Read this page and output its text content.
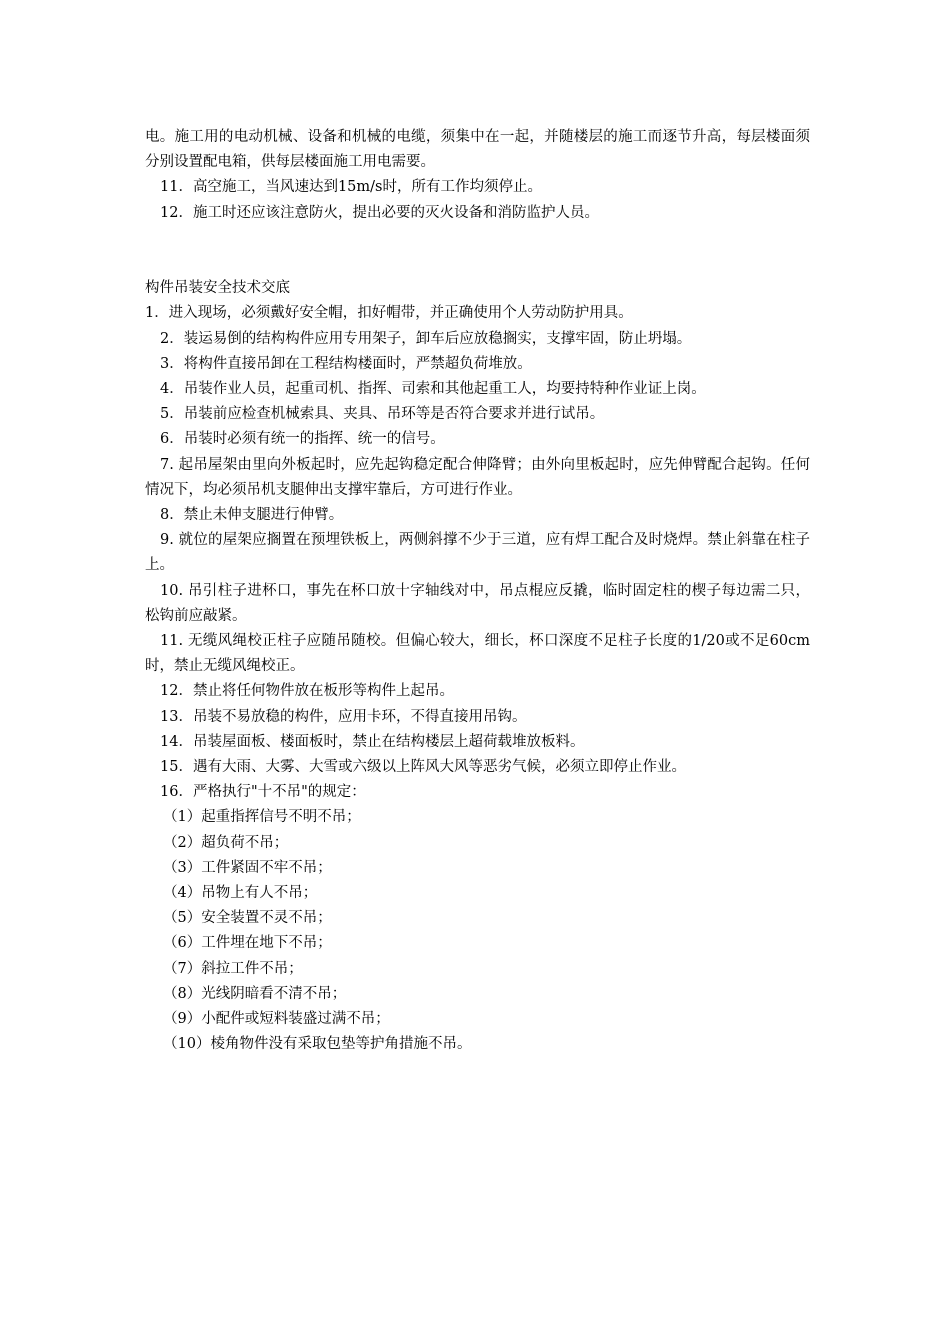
电。施工用的电动机械、设备和机械的电缆，须集中在一起，并随楼层的施工而逐节升高，每层楼面须分别设置配电箱，供每层楼面施工用电需要。

11．高空施工，当风速达到15m/s时，所有工作均须停止。

12．施工时还应该注意防火，提出必要的灭火设备和消防监护人员。

构件吊装安全技术交底

1．进入现场，必须戴好安全帽，扣好帽带，并正确使用个人劳动防护用具。

2．装运易倒的结构构件应用专用架子，卸车后应放稳搁实，支撑牢固，防止坍塌。

3．将构件直接吊卸在工程结构楼面时，严禁超负荷堆放。

4．吊装作业人员，起重司机、指挥、司索和其他起重工人，均要持特种作业证上岗。

5．吊装前应检查机械索具、夹具、吊环等是否符合要求并进行试吊。

6．吊装时必须有统一的指挥、统一的信号。

7. 起吊屋架由里向外板起时，应先起钩稳定配合伸降臂；由外向里板起时，应先伸臂配合起钩。任何情况下，均必须吊机支腿伸出支撑牢靠后，方可进行作业。

8．禁止未伸支腿进行伸臂。

9. 就位的屋架应搁置在预埋铁板上，两侧斜撑不少于三道，应有焊工配合及时烧焊。禁止斜靠在柱子上。

10. 吊引柱子进杯口，事先在杯口放十字轴线对中，吊点棍应反撬，临时固定柱的楔子每边需二只，松钩前应敲紧。

11. 无缆风绳校正柱子应随吊随校。但偏心较大，细长，杯口深度不足柱子长度的1/20或不足60cm时，禁止无缆风绳校正。

12．禁止将任何物件放在板形等构件上起吊。

13．吊装不易放稳的构件，应用卡环，不得直接用吊钩。

14．吊装屋面板、楼面板时，禁止在结构楼层上超荷载堆放板料。

15．遇有大雨、大雾、大雪或六级以上阵风大风等恶劣气候，必须立即停止作业。

16．严格执行"十不吊"的规定：

（1）起重指挥信号不明不吊；

（2）超负荷不吊；

（3）工件紧固不牢不吊；

（4）吊物上有人不吊；

（5）安全装置不灵不吊；

（6）工件埋在地下不吊；

（7）斜拉工件不吊；

（8）光线阴暗看不清不吊；

（9）小配件或短料装盛过满不吊；

（10）棱角物件没有采取包垫等护角措施不吊。
